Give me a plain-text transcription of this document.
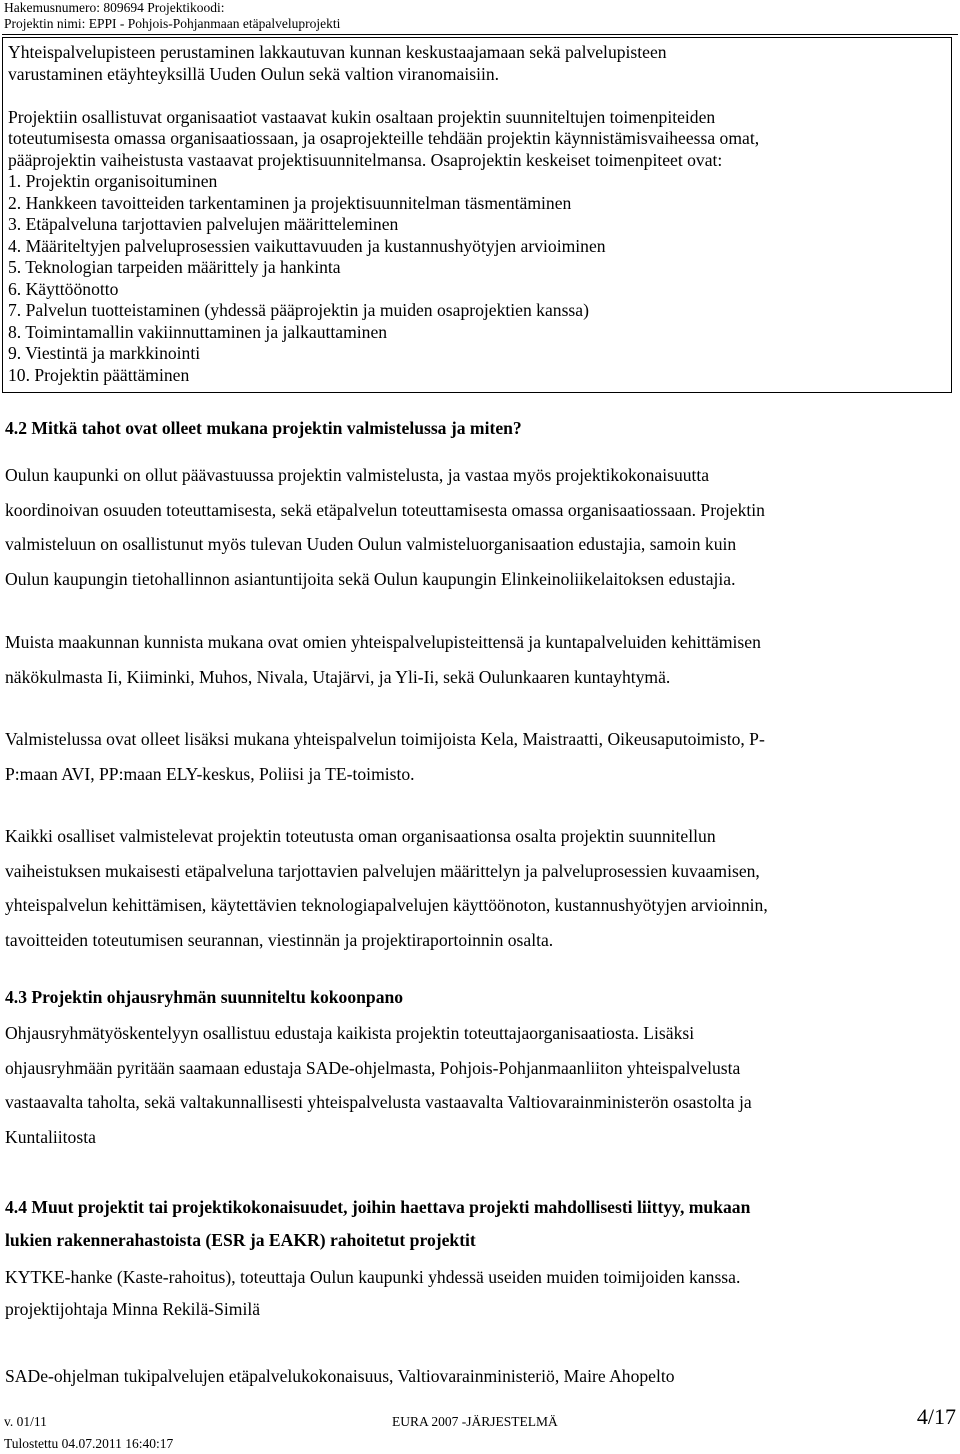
Hakemusnumero: 809694 Projektikoodi:
Projektin nimi: EPPI - Pohjois-Pohjanmaan etäpalveluprojekti

Yhteispalvelupisteen perustaminen lakkautuvan kunnan keskustaajamaan sekä palvelupisteen

varustaminen etäyhteyksillä Uuden Oulun sekä valtion viranomaisiin.

Projektiin osallistuvat organisaatiot vastaavat kukin osaltaan projektin suunniteltujen toimenpiteiden

toteutumisesta omassa organisaatiossaan, ja osaprojekteille tehdään projektin käynnistämisvaiheessa omat,

pääprojektin vaiheistusta vastaavat projektisuunnitelmansa. Osaprojektin keskeiset toimenpiteet ovat:

1. Projektin organisoituminen
2. Hankkeen tavoitteiden tarkentaminen ja projektisuunnitelman täsmentäminen
3. Etäpalveluna tarjottavien palvelujen määritteleminen
4. Määriteltyjen palveluprosessien vaikuttavuuden ja kustannushyötyjen arvioiminen
5. Teknologian tarpeiden määrittely ja hankinta
6. Käyttöönotto
7. Palvelun tuotteistaminen (yhdessä pääprojektin ja muiden osaprojektien kanssa)
8. Toimintamallin vakiinnuttaminen ja jalkauttaminen
9. Viestintä ja markkinointi
10. Projektin päättäminen
4.2 Mitkä tahot ovat olleet mukana projektin valmistelussa ja miten?

Oulun kaupunki on ollut päävastuussa projektin valmistelusta, ja vastaa myös projektikokonaisuutta

koordinoivan osuuden toteuttamisesta, sekä etäpalvelun toteuttamisesta omassa organisaatiossaan. Projektin

valmisteluun on osallistunut myös tulevan Uuden Oulun valmisteluorganisaation edustajia, samoin kuin

Oulun kaupungin tietohallinnon asiantuntijoita sekä Oulun kaupungin Elinkeinoliikelaitoksen edustajia.

Muista maakunnan kunnista mukana ovat omien yhteispalvelupisteittensä ja kuntapalveluiden kehittämisen

näkökulmasta Ii, Kiiminki, Muhos, Nivala, Utajärvi, ja Yli-Ii, sekä Oulunkaaren kuntayhtymä.

Valmistelussa ovat olleet lisäksi mukana yhteispalvelun toimijoista Kela, Maistraatti, Oikeusaputoimisto, P-

P:maan AVI, PP:maan ELY-keskus, Poliisi ja TE-toimisto.

Kaikki osalliset valmistelevat projektin toteutusta oman organisaationsa osalta projektin suunnitellun

vaiheistuksen mukaisesti etäpalveluna tarjottavien palvelujen määrittelyn ja palveluprosessien kuvaamisen,

yhteispalvelun kehittämisen, käytettävien teknologiapalvelujen käyttöönoton, kustannushyötyjen arvioinnin,

tavoitteiden toteutumisen seurannan, viestinnän ja projektiraportoinnin osalta.

4.3 Projektin ohjausryhmän suunniteltu kokoonpano

Ohjausryhmätyöskentelyyn osallistuu edustaja kaikista projektin toteuttajaorganisaatiosta. Lisäksi

ohjausryhmään pyritään saamaan edustaja SADe-ohjelmasta, Pohjois-Pohjanmaanliiton yhteispalvelusta

vastaavalta taholta, sekä valtakunnallisesti yhteispalvelusta vastaavalta Valtiovarainministerön osastolta ja

Kuntaliitosta

4.4 Muut projektit tai projektikokonaisuudet, joihin haettava projekti mahdollisesti liittyy, mukaan
lukien rakennerahastoista (ESR ja EAKR) rahoitetut projektit

KYTKE-hanke (Kaste-rahoitus), toteuttaja Oulun kaupunki yhdessä useiden muiden toimijoiden kanssa.

projektijohtaja Minna Rekilä-Similä

SADe-ohjelman tukipalvelujen etäpalvelukokonaisuus, Valtiovarainministeriö, Maire Ahopelto

v. 01/11	EURA 2007 -JÄRJESTELMÄ	4/17
Tulostettu 04.07.2011 16:40:17
